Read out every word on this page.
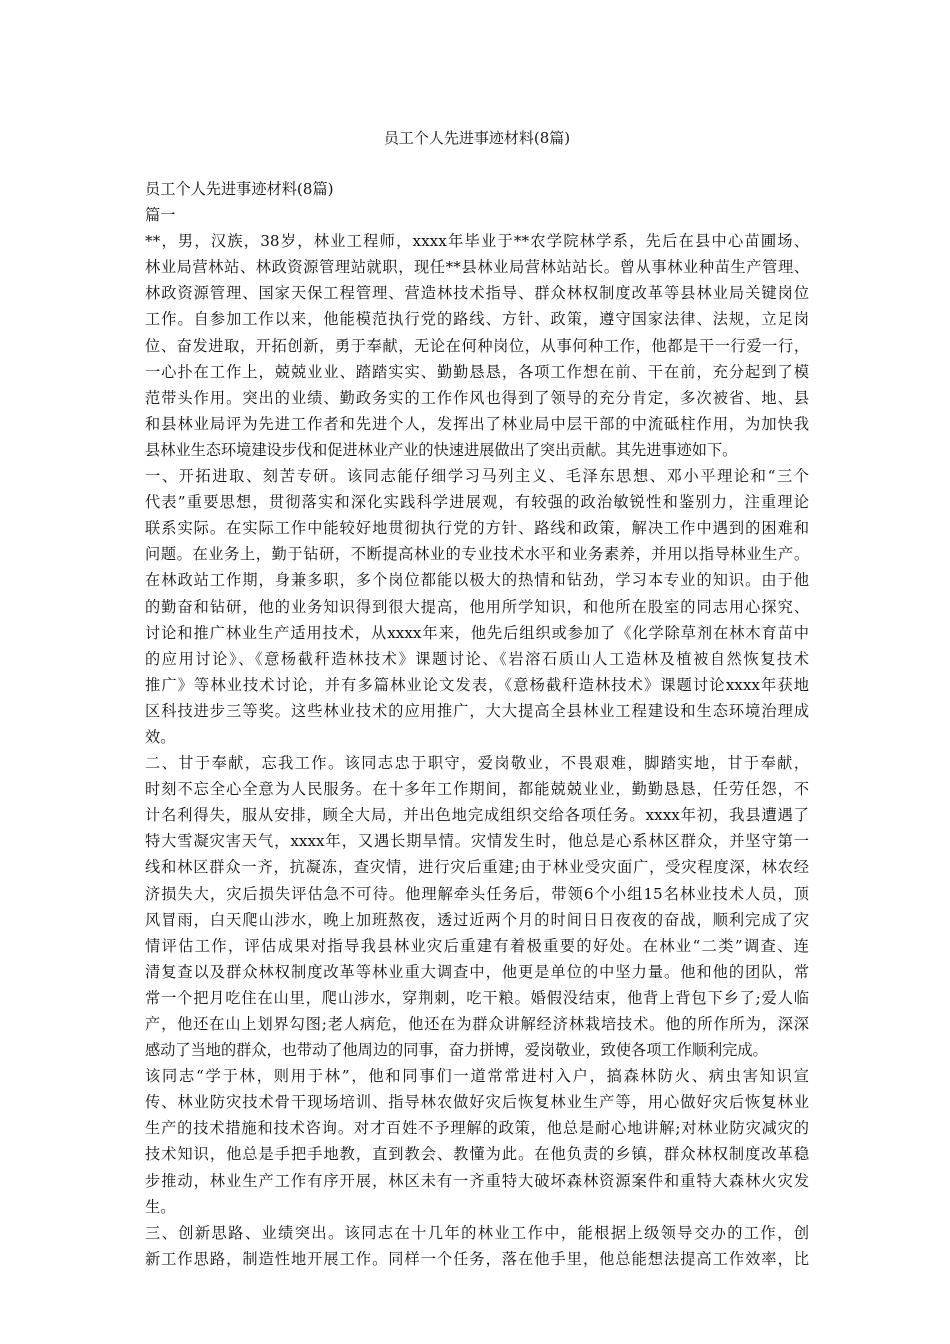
员工个人先进事迹材料(8篇)
员工个人先进事迹材料(8篇)
篇一
**，男，汉族，38岁，林业工程师，xxxx年毕业于**农学院林学系，先后在县中心苗圃场、
林业局营林站、林政资源管理站就职，现任**县林业局营林站站长。曾从事林业种苗生产管理、
林政资源管理、国家天保工程管理、营造林技术指导、群众林权制度改革等县林业局关键岗位
工作。自参加工作以来，他能模范执行党的路线、方针、政策，遵守国家法律、法规，立足岗
位、奋发进取，开拓创新，勇于奉献，无论在何种岗位，从事何种工作，他都是干一行爱一行，
一心扑在工作上，兢兢业业、踏踏实实、勤勤恳恳，各项工作想在前、干在前，充分起到了模
范带头作用。突出的业绩、勤政务实的工作作风也得到了领导的充分肯定，多次被省、地、县
和县林业局评为先进工作者和先进个人，发挥出了林业局中层干部的中流砥柱作用，为加快我
县林业生态环境建设步伐和促进林业产业的快速进展做出了突出贡献。其先进事迹如下。
一、开拓进取、刻苦专研。该同志能仔细学习马列主义、毛泽东思想、邓小平理论和“三个
代表”重要思想，贯彻落实和深化实践科学进展观，有较强的政治敏锐性和鉴别力，注重理论
联系实际。在实际工作中能较好地贯彻执行党的方针、路线和政策，解决工作中遇到的困难和
问题。在业务上，勤于钻研，不断提高林业的专业技术水平和业务素养，并用以指导林业生产。
在林政站工作期，身兼多职，多个岗位都能以极大的热情和钻劲，学习本专业的知识。由于他
的勤奋和钻研，他的业务知识得到很大提高，他用所学知识，和他所在股室的同志用心探究、
讨论和推广林业生产适用技术，从xxxx年来，他先后组织或参加了《化学除草剂在林木育苗中
的应用讨论》、《意杨截秆造林技术》课题讨论、《岩溶石质山人工造林及植被自然恢复技术
推广》等林业技术讨论，并有多篇林业论文发表，《意杨截秆造林技术》课题讨论xxxx年获地
区科技进步三等奖。这些林业技术的应用推广，大大提高全县林业工程建设和生态环境治理成
效。
二、甘于奉献，忘我工作。该同志忠于职守，爱岗敬业，不畏艰难，脚踏实地，甘于奉献，
时刻不忘全心全意为人民服务。在十多年工作期间，都能兢兢业业，勤勤恳恳，任劳任怨，不
计名利得失，服从安排，顾全大局，并出色地完成组织交给各项任务。xxxx年初，我县遭遇了
特大雪凝灾害天气，xxxx年，又遇长期旱情。灾情发生时，他总是心系林区群众，并坚守第一
线和林区群众一齐，抗凝冻，查灾情，进行灾后重建;由于林业受灾面广，受灾程度深，林农经
济损失大，灾后损失评估急不可待。他理解牵头任务后，带领6个小组15名林业技术人员，顶
风冒雨，白天爬山涉水，晚上加班熬夜，透过近两个月的时间日日夜夜的奋战，顺利完成了灾
情评估工作，评估成果对指导我县林业灾后重建有着极重要的好处。在林业“二类”调查、连
清复查以及群众林权制度改革等林业重大调查中，他更是单位的中坚力量。他和他的团队，常
常一个把月吃住在山里，爬山涉水，穿荆刺，吃干粮。婚假没结束，他背上背包下乡了;爱人临
产，他还在山上划界勾图;老人病危，他还在为群众讲解经济林栽培技术。他的所作所为，深深
感动了当地的群众，也带动了他周边的同事，奋力拼博，爱岗敬业，致使各项工作顺利完成。
该同志“学于林，则用于林”，他和同事们一道常常进村入户，搞森林防火、病虫害知识宣
传、林业防灾技术骨干现场培训、指导林农做好灾后恢复林业生产等，用心做好灾后恢复林业
生产的技术措施和技术咨询。对才百姓不予理解的政策，他总是耐心地讲解;对林业防灾减灾的
技术知识，他总是手把手地教，直到教会、教懂为此。在他负责的乡镇，群众林权制度改革稳
步推动，林业生产工作有序开展，林区未有一齐重特大破坏森林资源案件和重特大森林火灾发
生。
三、创新思路、业绩突出。该同志在十几年的林业工作中，能根据上级领导交办的工作，创
新工作思路，制造性地开展工作。同样一个任务，落在他手里，他总能想法提高工作效率，比
